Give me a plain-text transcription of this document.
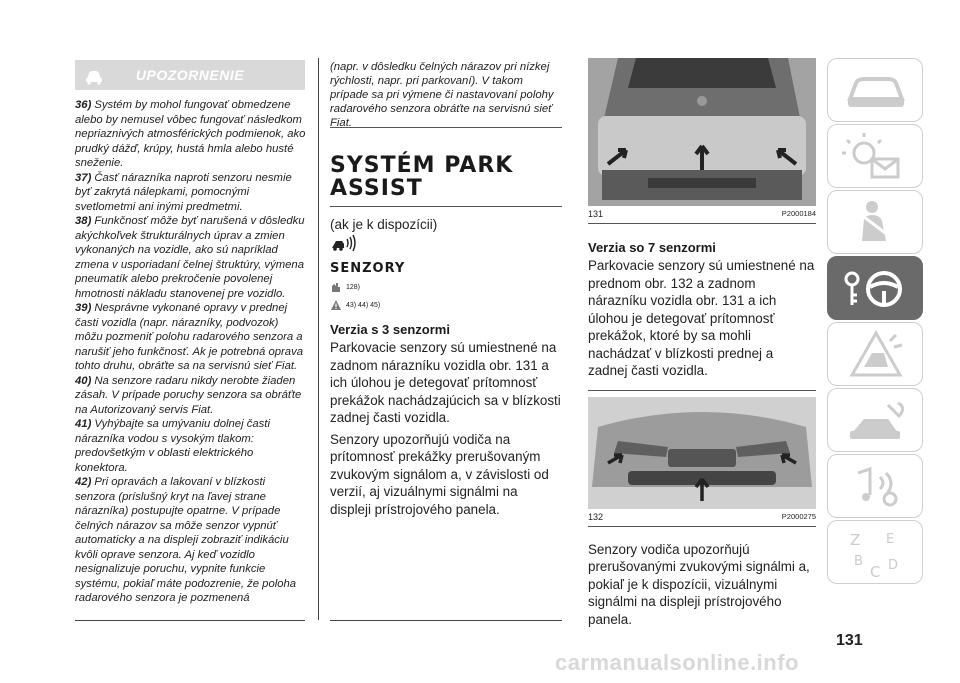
UPOZORNENIE

36) Systém by mohol fungovať obmedzene alebo by nemusel vôbec fungovať následkom nepriaznivých atmosférických podmienok, ako prudký dážď, krúpy, hustá hmla alebo husté sneženie.

37) Časť nárazníka naproti senzoru nesmie byť zakrytá nálepkami, pomocnými svetlometmi ani inými predmetmi.

38) Funkčnosť môže byť narušená v dôsledku akýchkoľvek štrukturálnych úprav a zmien vykonaných na vozidle, ako sú napríklad zmena v usporiadaní čelnej štruktúry, výmena pneumatík alebo prekročenie povolenej hmotnosti nákladu stanovenej pre vozidlo.

39) Nesprávne vykonané opravy v prednej časti vozidla (napr. nárazníky, podvozok) môžu pozmeniť polohu radarového senzora a narušiť jeho funkčnosť. Ak je potrebná oprava tohto druhu, obráťte sa na servisnú sieť Fiat.

40) Na senzore radaru nikdy nerobte žiaden zásah. V prípade poruchy senzora sa obráťte na Autorizovaný servis Fiat.

41) Vyhýbajte sa umývaniu dolnej časti nárazníka vodou s vysokým tlakom: predovšetkým v oblasti elektrického konektora.

42) Pri opravách a lakovaní v blízkosti senzora (príslušný kryt na ľavej strane nárazníka) postupujte opatrne. V prípade čelných nárazov sa môže senzor vypnúť automaticky a na displeji zobraziť indikáciu kvôli oprave senzora. Aj keď vozidlo nesignalizuje poruchu, vypnite funkcie systému, pokiaľ máte podozrenie, že poloha radarového senzora je pozmenená

(napr. v dôsledku čelných nárazov pri nízkej rýchlosti, napr. pri parkovaní). V takom prípade sa pri výmene či nastavovaní polohy radarového senzora obráťte na servisnú sieť Fiat.

SYSTÉM PARK
ASSIST
(ak je k dispozícii)
SENZORY
128)
43) 44) 45)
Verzia s 3 senzormi

Parkovacie senzory sú umiestnené na zadnom nárazníku vozidla obr. 131 a ich úlohou je detegovať prítomnosť prekážok nachádzajúcich sa v blízkosti zadnej časti vozidla.

Senzory upozorňujú vodiča na prítomnosť prekážky prerušovaným zvukovým signálom a, v závislosti od verzií, aj vizuálnymi signálmi na displeji prístrojového panela.

131	P2000184
Verzia so 7 senzormi

Parkovacie senzory sú umiestnené na prednom obr. 132 a zadnom nárazníku vozidla obr. 131 a ich úlohou je detegovať prítomnosť prekážok, ktoré by sa mohli nachádzať v blízkosti prednej a zadnej časti vozidla.

132	P2000275

Senzory vodiča upozorňujú prerušovanými zvukovými signálmi a, pokiaľ je k dispozícii, vizuálnymi signálmi na displeji prístrojového panela.

131
Z E
B
C D
carmanualsonline.info
